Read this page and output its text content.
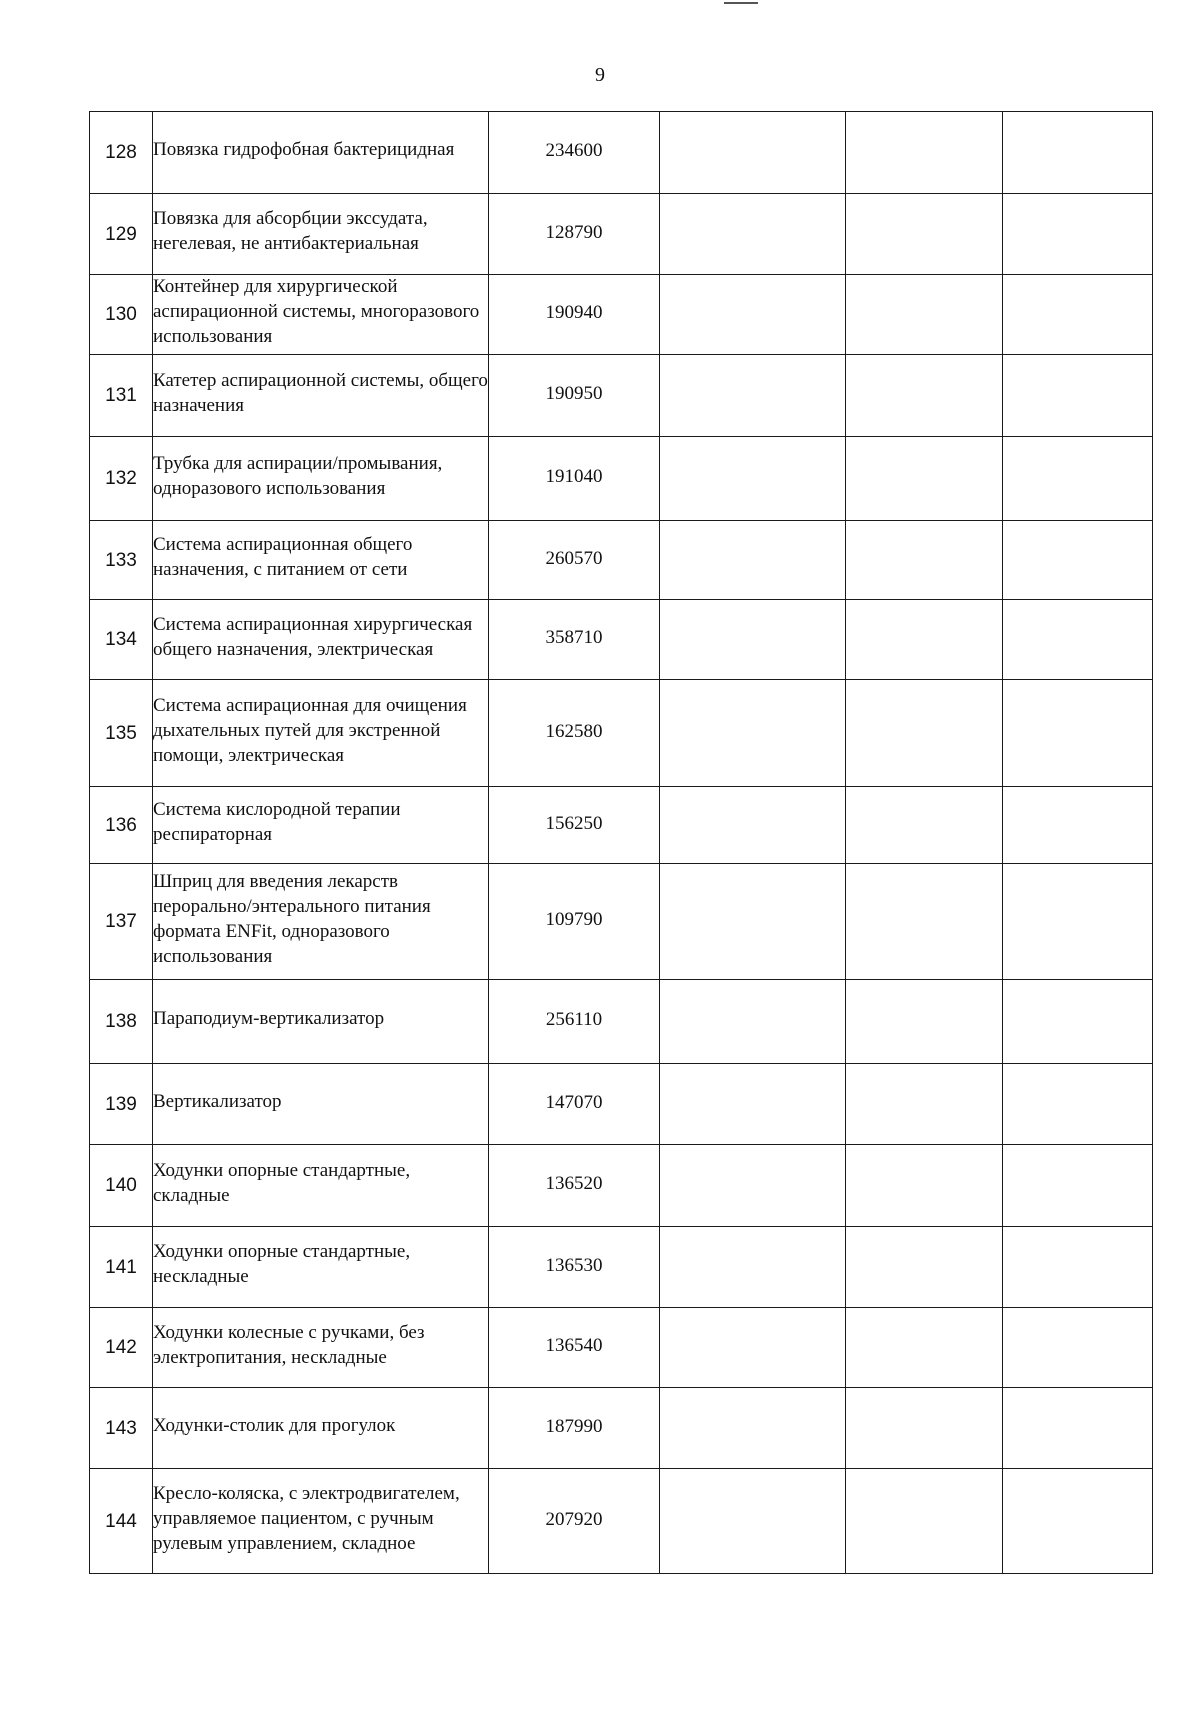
9
128	Повязка гидрофобная бактерицидная	234600			

129	Повязка для абсорбции экссудата, негелевая, не антибактериальная	128790			

130	Контейнер для хирургической аспирационной системы, многоразового использования	190940			

131	Катетер аспирационной системы, общего назначения	190950			

132	Трубка для аспирации/промывания, одноразового использования	191040			

133	Система аспирационная общего назначения, с питанием от сети	260570			

134	Система аспирационная хирургическая общего назначения, электрическая	358710			

135	Система аспирационная для очищения дыхательных путей для экстренной помощи, электрическая	162580			

136	Система кислородной терапии респираторная	156250			

137	Шприц для введения лекарств перорально/энтерального питания формата ENFit, одноразового использования	109790			

138	Параподиум-вертикализатор	256110			

139	Вертикализатор	147070			

140	Ходунки опорные стандартные, складные	136520			

141	Ходунки опорные стандартные, нескладные	136530			

142	Ходунки колесные с ручками, без электропитания, нескладные	136540			

143	Ходунки-столик для прогулок	187990			

144	Кресло-коляска, с электродвигателем, управляемое пациентом, с ручным рулевым управлением, складное	207920			
